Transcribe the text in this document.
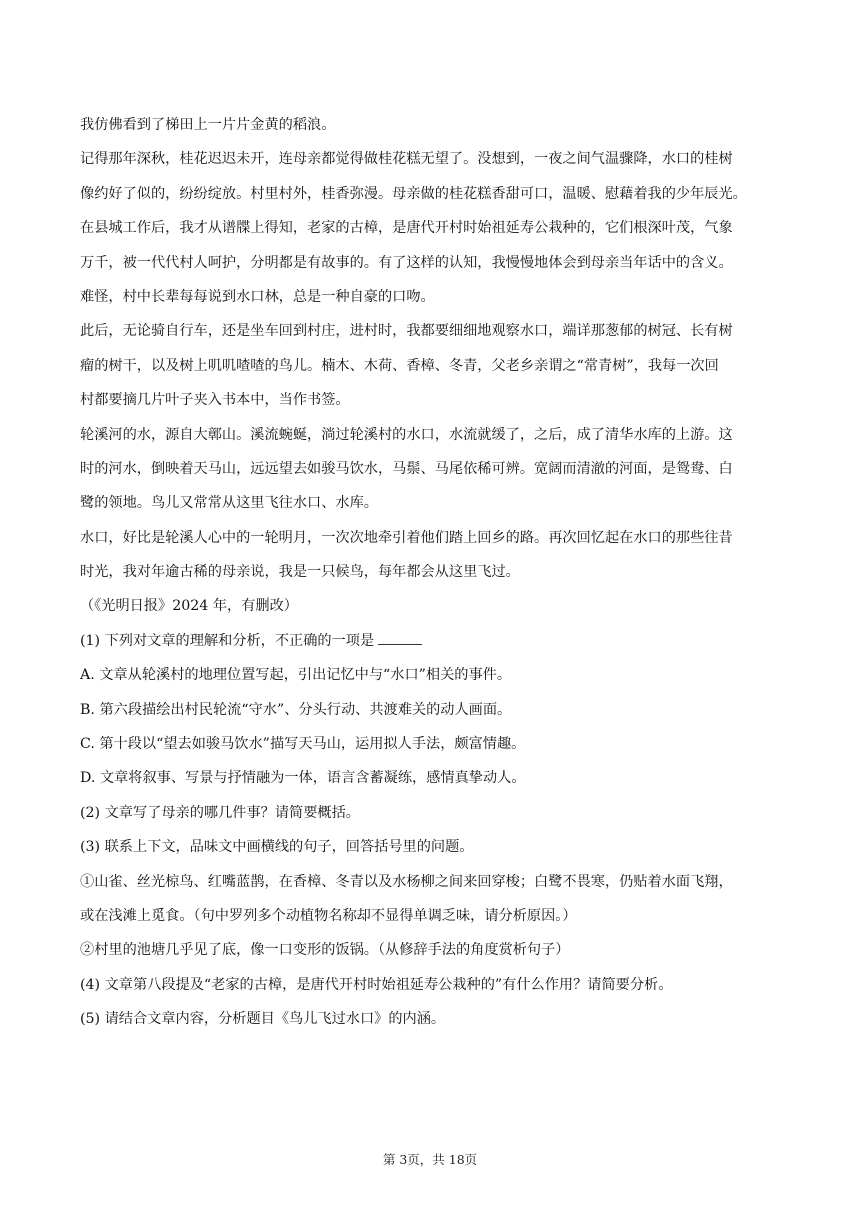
我仿佛看到了梯田上一片片金黄的稻浪。
记得那年深秋，桂花迟迟未开，连母亲都觉得做桂花糕无望了。没想到，一夜之间气温骤降，水口的桂树
像约好了似的，纷纷绽放。村里村外，桂香弥漫。母亲做的桂花糕香甜可口，温暖、慰藉着我的少年辰光。
在县城工作后，我才从谱牒上得知，老家的古樟，是唐代开村时始祖延寿公栽种的，它们根深叶茂，气象
万千，被一代代村人呵护，分明都是有故事的。有了这样的认知，我慢慢地体会到母亲当年话中的含义。
难怪，村中长辈每每说到水口林，总是一种自豪的口吻。
此后，无论骑自行车，还是坐车回到村庄，进村时，我都要细细地观察水口，端详那葱郁的树冠、长有树
瘤的树干，以及树上叽叽喳喳的鸟儿。楠木、木荷、香樟、冬青，父老乡亲谓之“常青树”，我每一次回
村都要摘几片叶子夹入书本中，当作书签。
轮溪河的水，源自大鄣山。溪流蜿蜒，淌过轮溪村的水口，水流就缓了，之后，成了清华水库的上游。这
时的河水，倒映着天马山，远远望去如骏马饮水，马鬃、马尾依稀可辨。宽阔而清澈的河面，是鸳鸯、白
鹭的领地。鸟儿又常常从这里飞往水口、水库。
水口，好比是轮溪人心中的一轮明月，一次次地牵引着他们踏上回乡的路。再次回忆起在水口的那些往昔
时光，我对年逾古稀的母亲说，我是一只候鸟，每年都会从这里飞过。
（《光明日报》2024 年，有删改）
(1) 下列对文章的理解和分析，不正确的一项是
A. 文章从轮溪村的地理位置写起，引出记忆中与“水口”相关的事件。
B. 第六段描绘出村民轮流“守水”、分头行动、共渡难关的动人画面。
C. 第十段以“望去如骏马饮水”描写天马山，运用拟人手法，颇富情趣。
D. 文章将叙事、写景与抒情融为一体，语言含蓄凝练，感情真挚动人。
(2) 文章写了母亲的哪几件事？请简要概括。
(3) 联系上下文，品味文中画横线的句子，回答括号里的问题。
①山雀、丝光椋鸟、红嘴蓝鹊，在香樟、冬青以及水杨柳之间来回穿梭；白鹭不畏寒，仍贴着水面飞翔，
或在浅滩上觅食。（句中罗列多个动植物名称却不显得单调乏味，请分析原因。）
②村里的池塘几乎见了底，像一口变形的饭锅。（从修辞手法的角度赏析句子）
(4) 文章第八段提及“老家的古樟，是唐代开村时始祖延寿公栽种的”有什么作用？请简要分析。
(5) 请结合文章内容，分析题目《鸟儿飞过水口》的内涵。
第 3页，共 18页
